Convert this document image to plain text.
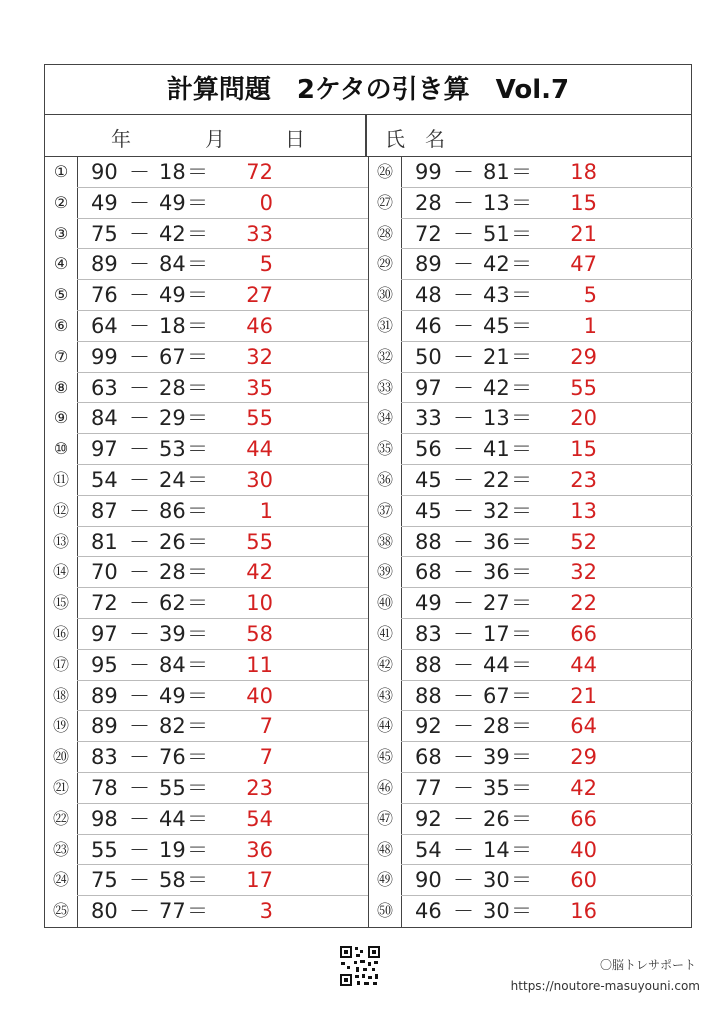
計算問題　2ケタの引き算　Vol.7
年	月	日	氏　名
①	90 － 18 ＝ 72
②	49 － 49 ＝	0
③	75 － 42 ＝ 33
④	89 － 84 ＝	5
⑤	76 － 49 ＝ 27
⑥	64 － 18 ＝ 46
⑦	99 － 67 ＝ 32
⑧	63 － 28 ＝ 35
⑨	84 － 29 ＝ 55
⑩	97 － 53 ＝ 44
⑪	54 － 24 ＝ 30
⑫	87 － 86 ＝	1
⑬	81 － 26 ＝ 55
⑭	70 － 28 ＝ 42
⑮	72 － 62 ＝ 10
⑯	97 － 39 ＝ 58
⑰	95 － 84 ＝ 11
⑱	89 － 49 ＝ 40
⑲	89 － 82 ＝	7
⑳	83 － 76 ＝	7
㉑	78 － 55 ＝ 23
㉒	98 － 44 ＝ 54
㉓	55 － 19 ＝ 36
㉔	75 － 58 ＝ 17
㉕	80 － 77 ＝	3
㉖	99 － 81 ＝ 18
㉗	28 － 13 ＝ 15
㉘	72 － 51 ＝ 21
㉙	89 － 42 ＝ 47
㉚	48 － 43 ＝	5
㉛	46 － 45 ＝	1
㉜	50 － 21 ＝ 29
㉝	97 － 42 ＝ 55
㉞	33 － 13 ＝ 20
㉟	56 － 41 ＝ 15
㊱	45 － 22 ＝ 23
㊲	45 － 32 ＝ 13
㊳	88 － 36 ＝ 52
㊴	68 － 36 ＝ 32
㊵	49 － 27 ＝ 22
㊶	83 － 17 ＝ 66
㊷	88 － 44 ＝ 44
㊸	88 － 67 ＝ 21
㊹	92 － 28 ＝ 64
㊺	68 － 39 ＝ 29
㊻	77 － 35 ＝ 42
㊼	92 － 26 ＝ 66
㊽	54 － 14 ＝ 40
㊾	90 － 30 ＝ 60
㊿	46 － 30 ＝ 16
〇脳トレサポート
https://noutore-masuyouni.com
